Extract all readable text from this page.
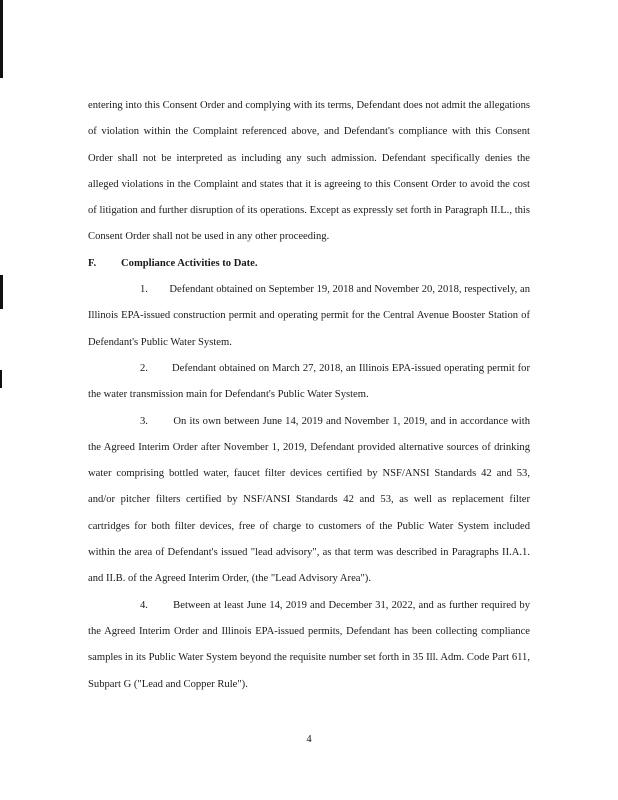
entering into this Consent Order and complying with its terms, Defendant does not admit the allegations of violation within the Complaint referenced above, and Defendant's compliance with this Consent Order shall not be interpreted as including any such admission. Defendant specifically denies the alleged violations in the Complaint and states that it is agreeing to this Consent Order to avoid the cost of litigation and further disruption of its operations. Except as expressly set forth in Paragraph II.L., this Consent Order shall not be used in any other proceeding.

F.	Compliance Activities to Date.

1. Defendant obtained on September 19, 2018 and November 20, 2018, respectively, an Illinois EPA-issued construction permit and operating permit for the Central Avenue Booster Station of Defendant's Public Water System.

2. Defendant obtained on March 27, 2018, an Illinois EPA-issued operating permit for the water transmission main for Defendant's Public Water System.

3. On its own between June 14, 2019 and November 1, 2019, and in accordance with the Agreed Interim Order after November 1, 2019, Defendant provided alternative sources of drinking water comprising bottled water, faucet filter devices certified by NSF/ANSI Standards 42 and 53, and/or pitcher filters certified by NSF/ANSI Standards 42 and 53, as well as replacement filter cartridges for both filter devices, free of charge to customers of the Public Water System included within the area of Defendant's issued "lead advisory", as that term was described in Paragraphs II.A.1. and II.B. of the Agreed Interim Order, (the "Lead Advisory Area").

4. Between at least June 14, 2019 and December 31, 2022, and as further required by the Agreed Interim Order and Illinois EPA-issued permits, Defendant has been collecting compliance samples in its Public Water System beyond the requisite number set forth in 35 Ill. Adm. Code Part 611, Subpart G ("Lead and Copper Rule").

4
